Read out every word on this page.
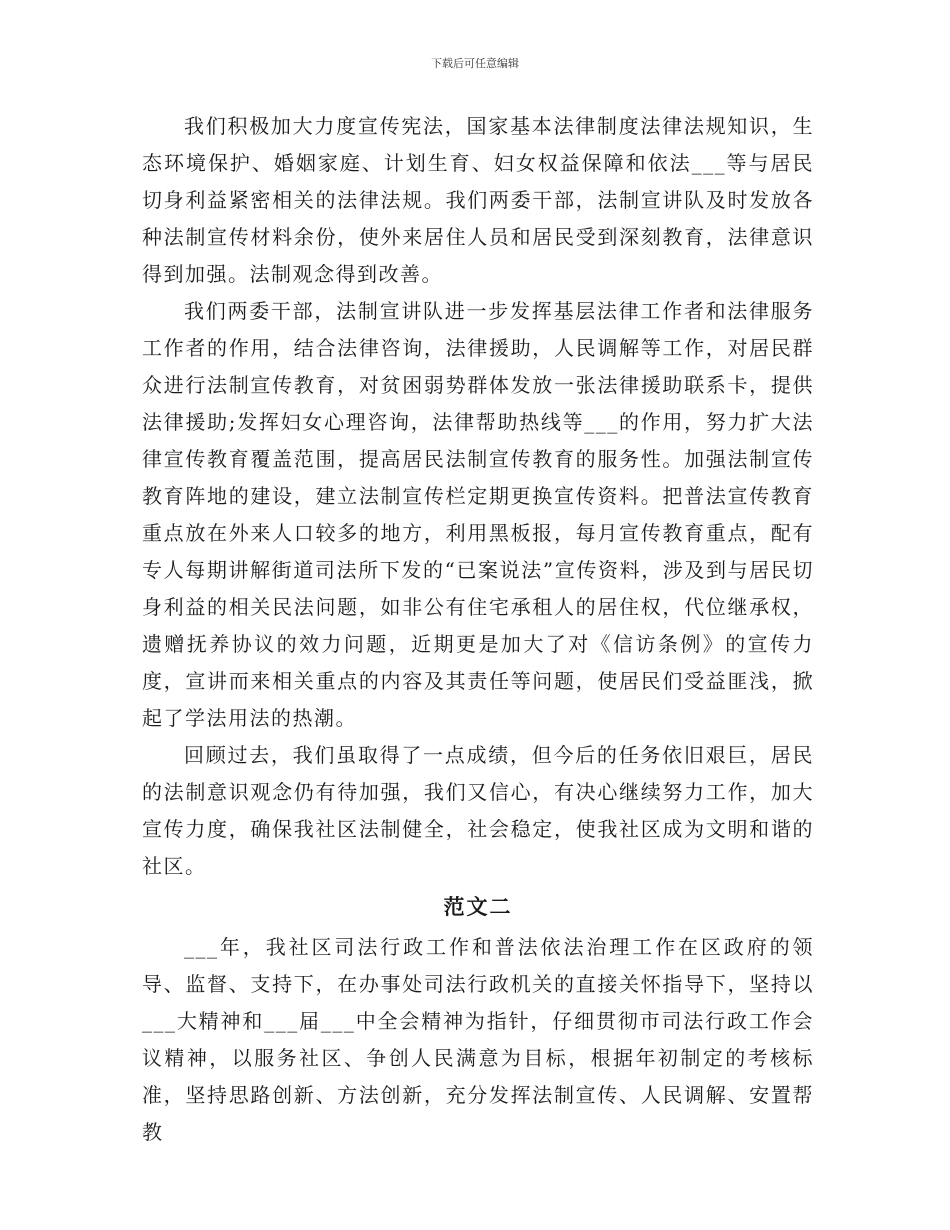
下载后可任意编辑

我们积极加大力度宣传宪法，国家基本法律制度法律法规知识，生态环境保护、婚姻家庭、计划生育、妇女权益保障和依法___等与居民切身利益紧密相关的法律法规。我们两委干部，法制宣讲队及时发放各种法制宣传材料余份，使外来居住人员和居民受到深刻教育，法律意识得到加强。法制观念得到改善。

我们两委干部，法制宣讲队进一步发挥基层法律工作者和法律服务工作者的作用，结合法律咨询，法律援助，人民调解等工作，对居民群众进行法制宣传教育，对贫困弱势群体发放一张法律援助联系卡，提供法律援助;发挥妇女心理咨询，法律帮助热线等___的作用，努力扩大法律宣传教育覆盖范围，提高居民法制宣传教育的服务性。加强法制宣传教育阵地的建设，建立法制宣传栏定期更换宣传资料。把普法宣传教育重点放在外来人口较多的地方，利用黑板报，每月宣传教育重点，配有专人每期讲解街道司法所下发的“已案说法”宣传资料，涉及到与居民切身利益的相关民法问题，如非公有住宅承租人的居住权，代位继承权，遗赠抚养协议的效力问题，近期更是加大了对《信访条例》的宣传力度，宣讲而来相关重点的内容及其责任等问题，使居民们受益匪浅，掀起了学法用法的热潮。

回顾过去，我们虽取得了一点成绩，但今后的任务依旧艰巨，居民的法制意识观念仍有待加强，我们又信心，有决心继续努力工作，加大宣传力度，确保我社区法制健全，社会稳定，使我社区成为文明和谐的社区。

范文二

___年，我社区司法行政工作和普法依法治理工作在区政府的领导、监督、支持下，在办事处司法行政机关的直接关怀指导下，坚持以___大精神和___届___中全会精神为指针，仔细贯彻市司法行政工作会议精神，以服务社区、争创人民满意为目标，根据年初制定的考核标准，坚持思路创新、方法创新，充分发挥法制宣传、人民调解、安置帮教
